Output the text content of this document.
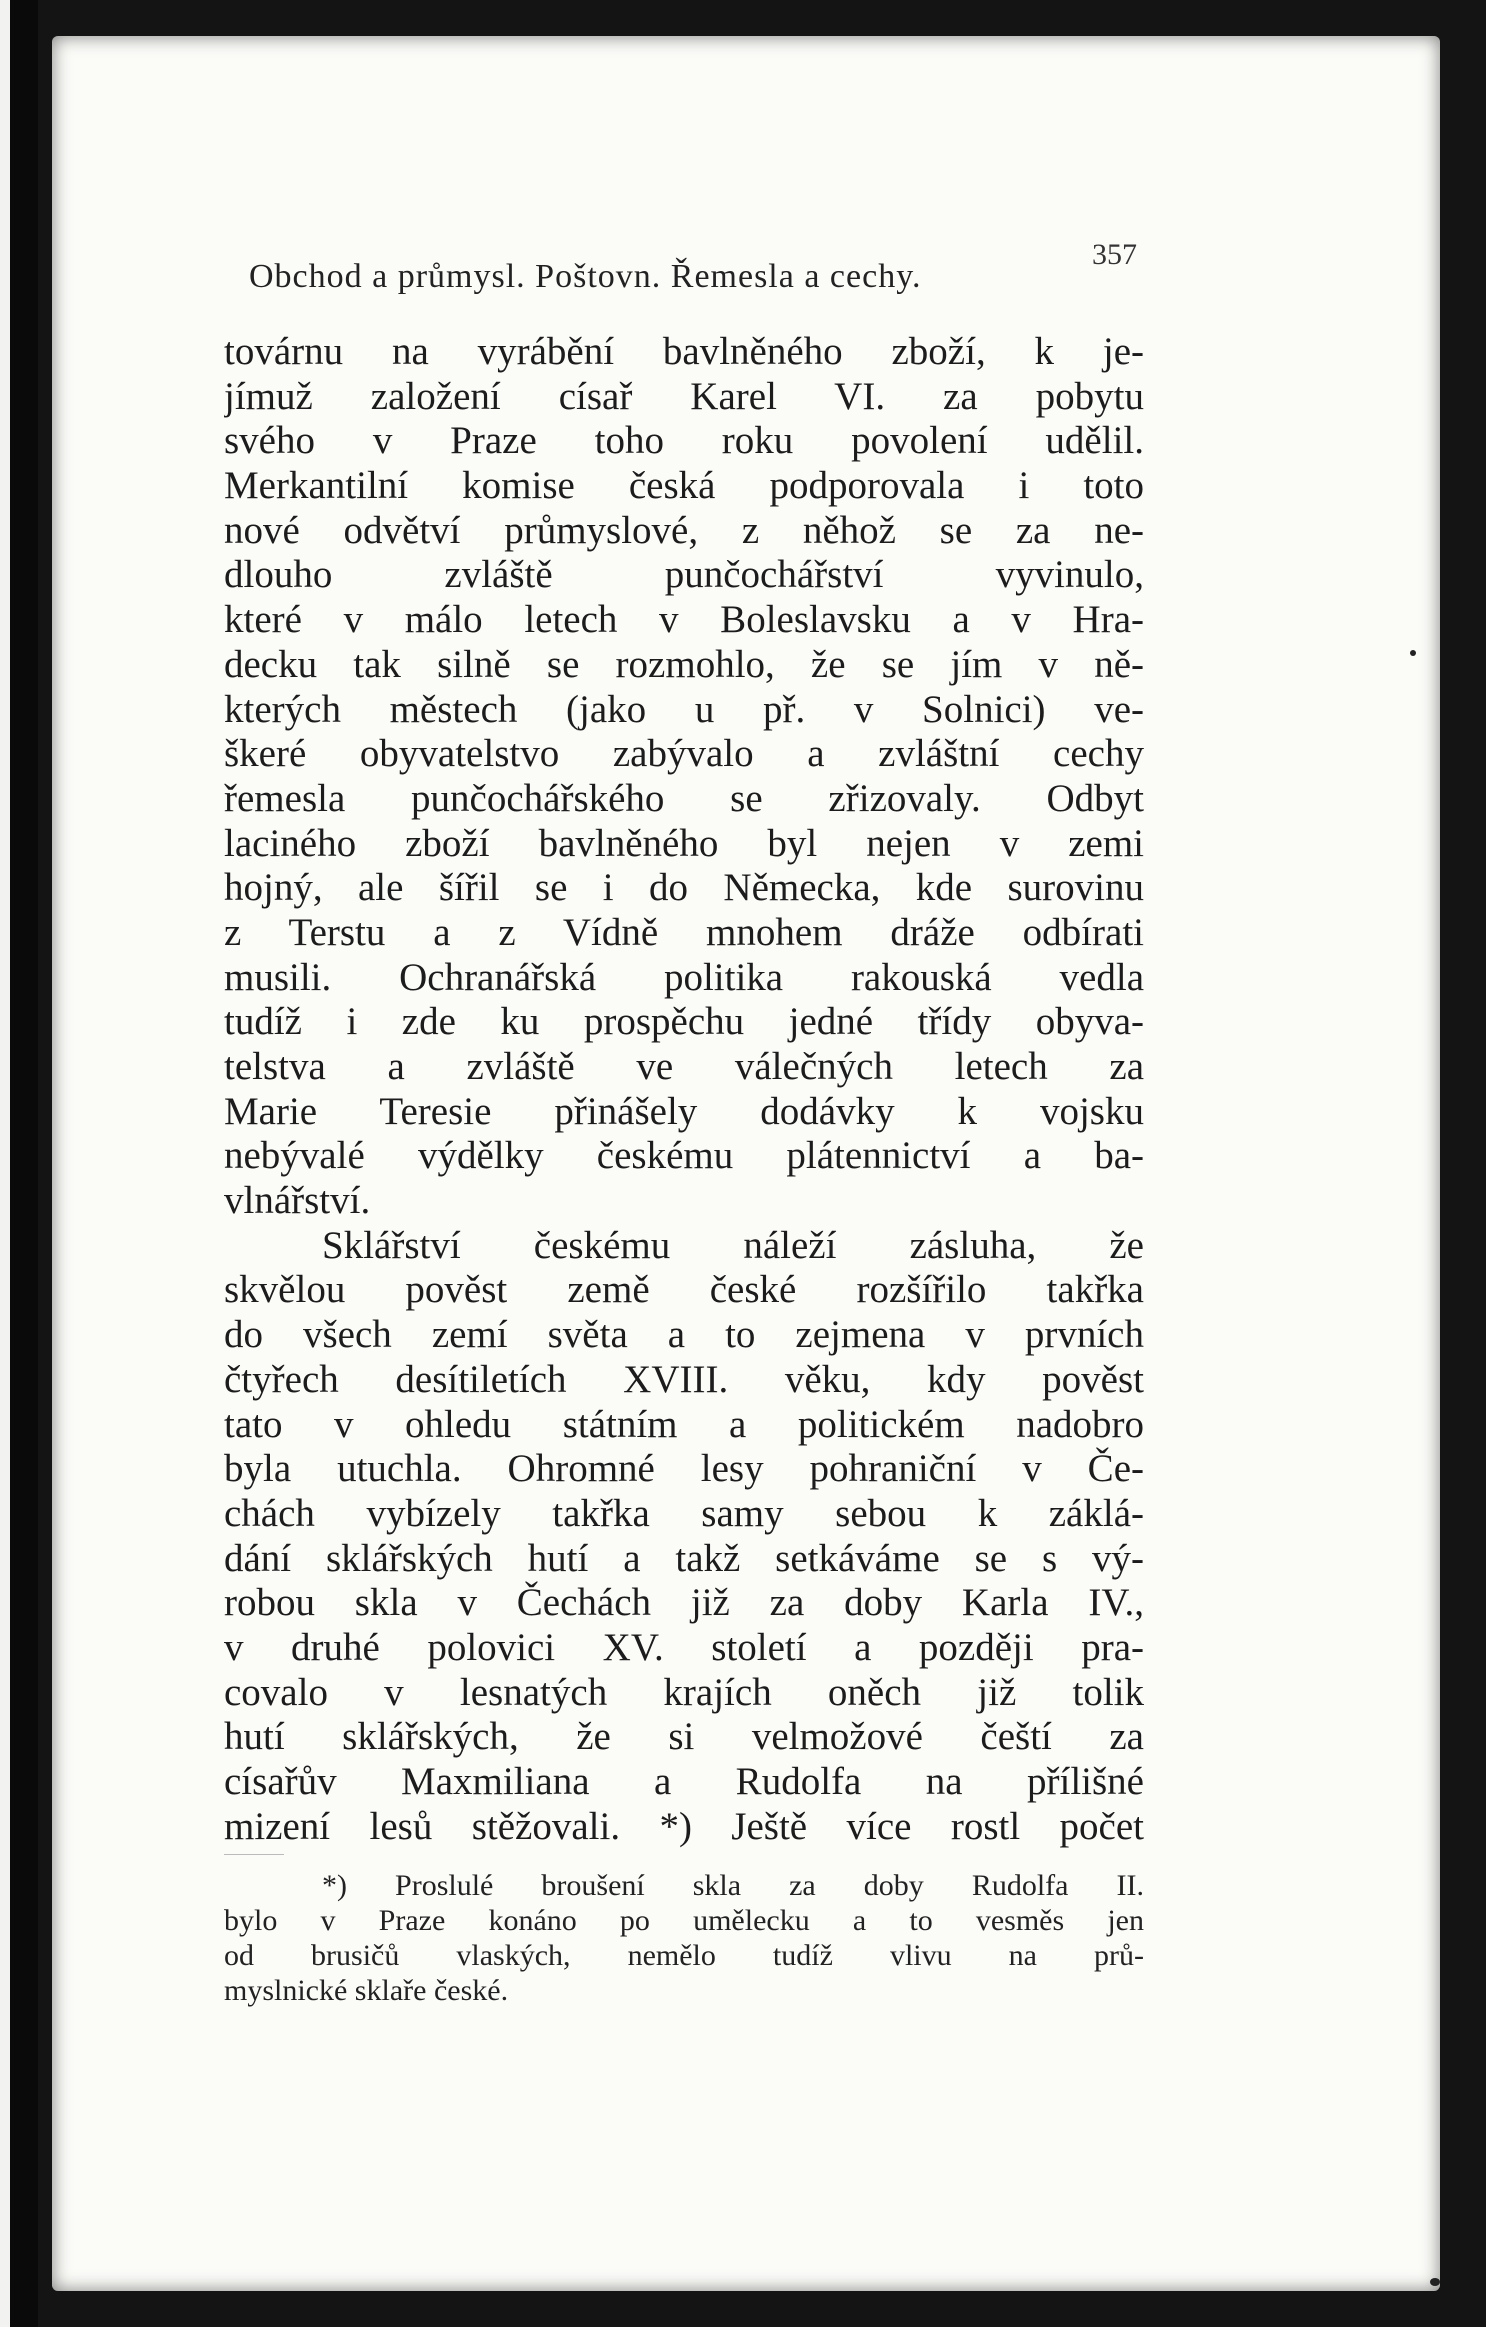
Obchod a průmysl. Poštovn. Řemesla a cechy.
357
továrnu na vyrábění bavlněného zboží, k je-
jímuž založení císař Karel VI. za pobytu
svého v Praze toho roku povolení udělil.
Merkantilní komise česká podporovala i toto
nové odvětví průmyslové, z něhož se za ne-
dlouho zvláště punčochářství vyvinulo,
které v málo letech v Boleslavsku a v Hra-
decku tak silně se rozmohlo, že se jím v ně-
kterých městech (jako u př. v Solnici) ve-
škeré obyvatelstvo zabývalo a zvláštní cechy
řemesla punčochářského se zřizovaly. Odbyt
laciného zboží bavlněného byl nejen v zemi
hojný, ale šířil se i do Německa, kde surovinu
z Terstu a z Vídně mnohem dráže odbírati
musili. Ochranářská politika rakouská vedla
tudíž i zde ku prospěchu jedné třídy obyva-
telstva a zvláště ve válečných letech za
Marie Teresie přinášely dodávky k vojsku
nebývalé výdělky českému plátennictví a ba-
vlnářství.
Sklářství českému náleží zásluha, že
skvělou pověst země české rozšířilo takřka
do všech zemí světa a to zejmena v prvních
čtyřech desítiletích XVIII. věku, kdy pověst
tato v ohledu státním a politickém nadobro
byla utuchla. Ohromné lesy pohraniční v Če-
chách vybízely takřka samy sebou k záklá-
dání sklářských hutí a takž setkáváme se s vý-
robou skla v Čechách již za doby Karla IV.,
v druhé polovici XV. století a později pra-
covalo v lesnatých krajích oněch již tolik
hutí sklářských, že si velmožové čeští za
císařův Maxmiliana a Rudolfa na přílišné
mizení lesů stěžovali. *) Ještě více rostl počet
*) Proslulé broušení skla za doby Rudolfa II.
bylo v Praze konáno po umělecku a to vesměs jen
od brusičů vlaských, nemělo tudíž vlivu na prů-
myslnické sklaře české.
